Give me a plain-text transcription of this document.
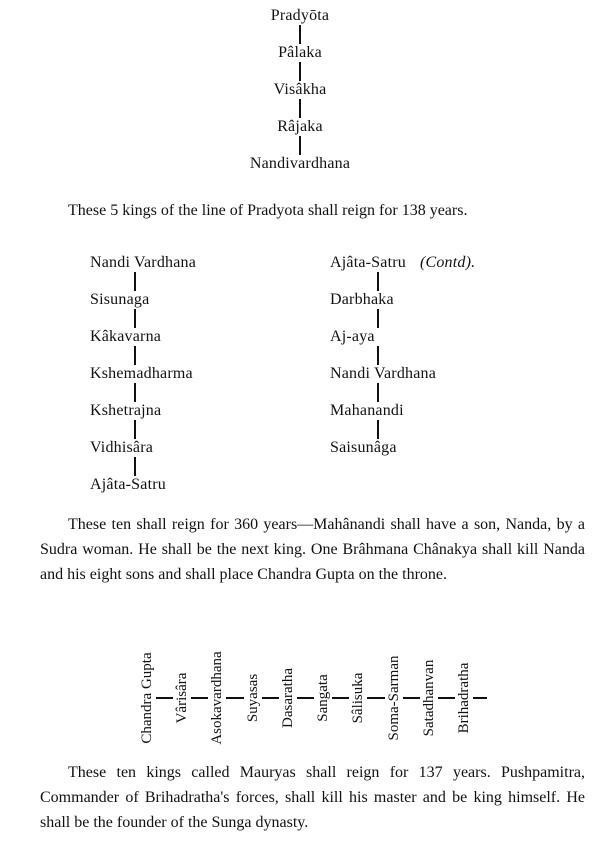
Pradyōta
Pâlaka
Visâkha
Râjaka
Nandivardhana

These 5 kings of the line of Pradyota shall reign for 138 years.

Nandi Vardhana
Sisunaga
Kâkavarna
Kshemadharma
Kshetrajna
Vidhisâra
Ajâta-Satru
Ajâta-Satru (Contd).
Darbhaka
Aj-aya
Nandi Vardhana
Mahanandi
Saisunâga

These ten shall reign for 360 years—Mahânandi shall have a son, Nanda, by a Sudra woman. He shall be the next king. One Brâhmana Chânakya shall kill Nanda and his eight sons and shall place Chandra Gupta on the throne.

Chandra Gupta Vârisâra Asokavardhana Suyasas Dasaratha Sangata Sâlisuka Soma-Sarman Satadhanvan Brihadratha

These ten kings called Mauryas shall reign for 137 years. Pushpamitra, Commander of Brihadratha's forces, shall kill his master and be king himself. He shall be the founder of the Sunga dynasty.
